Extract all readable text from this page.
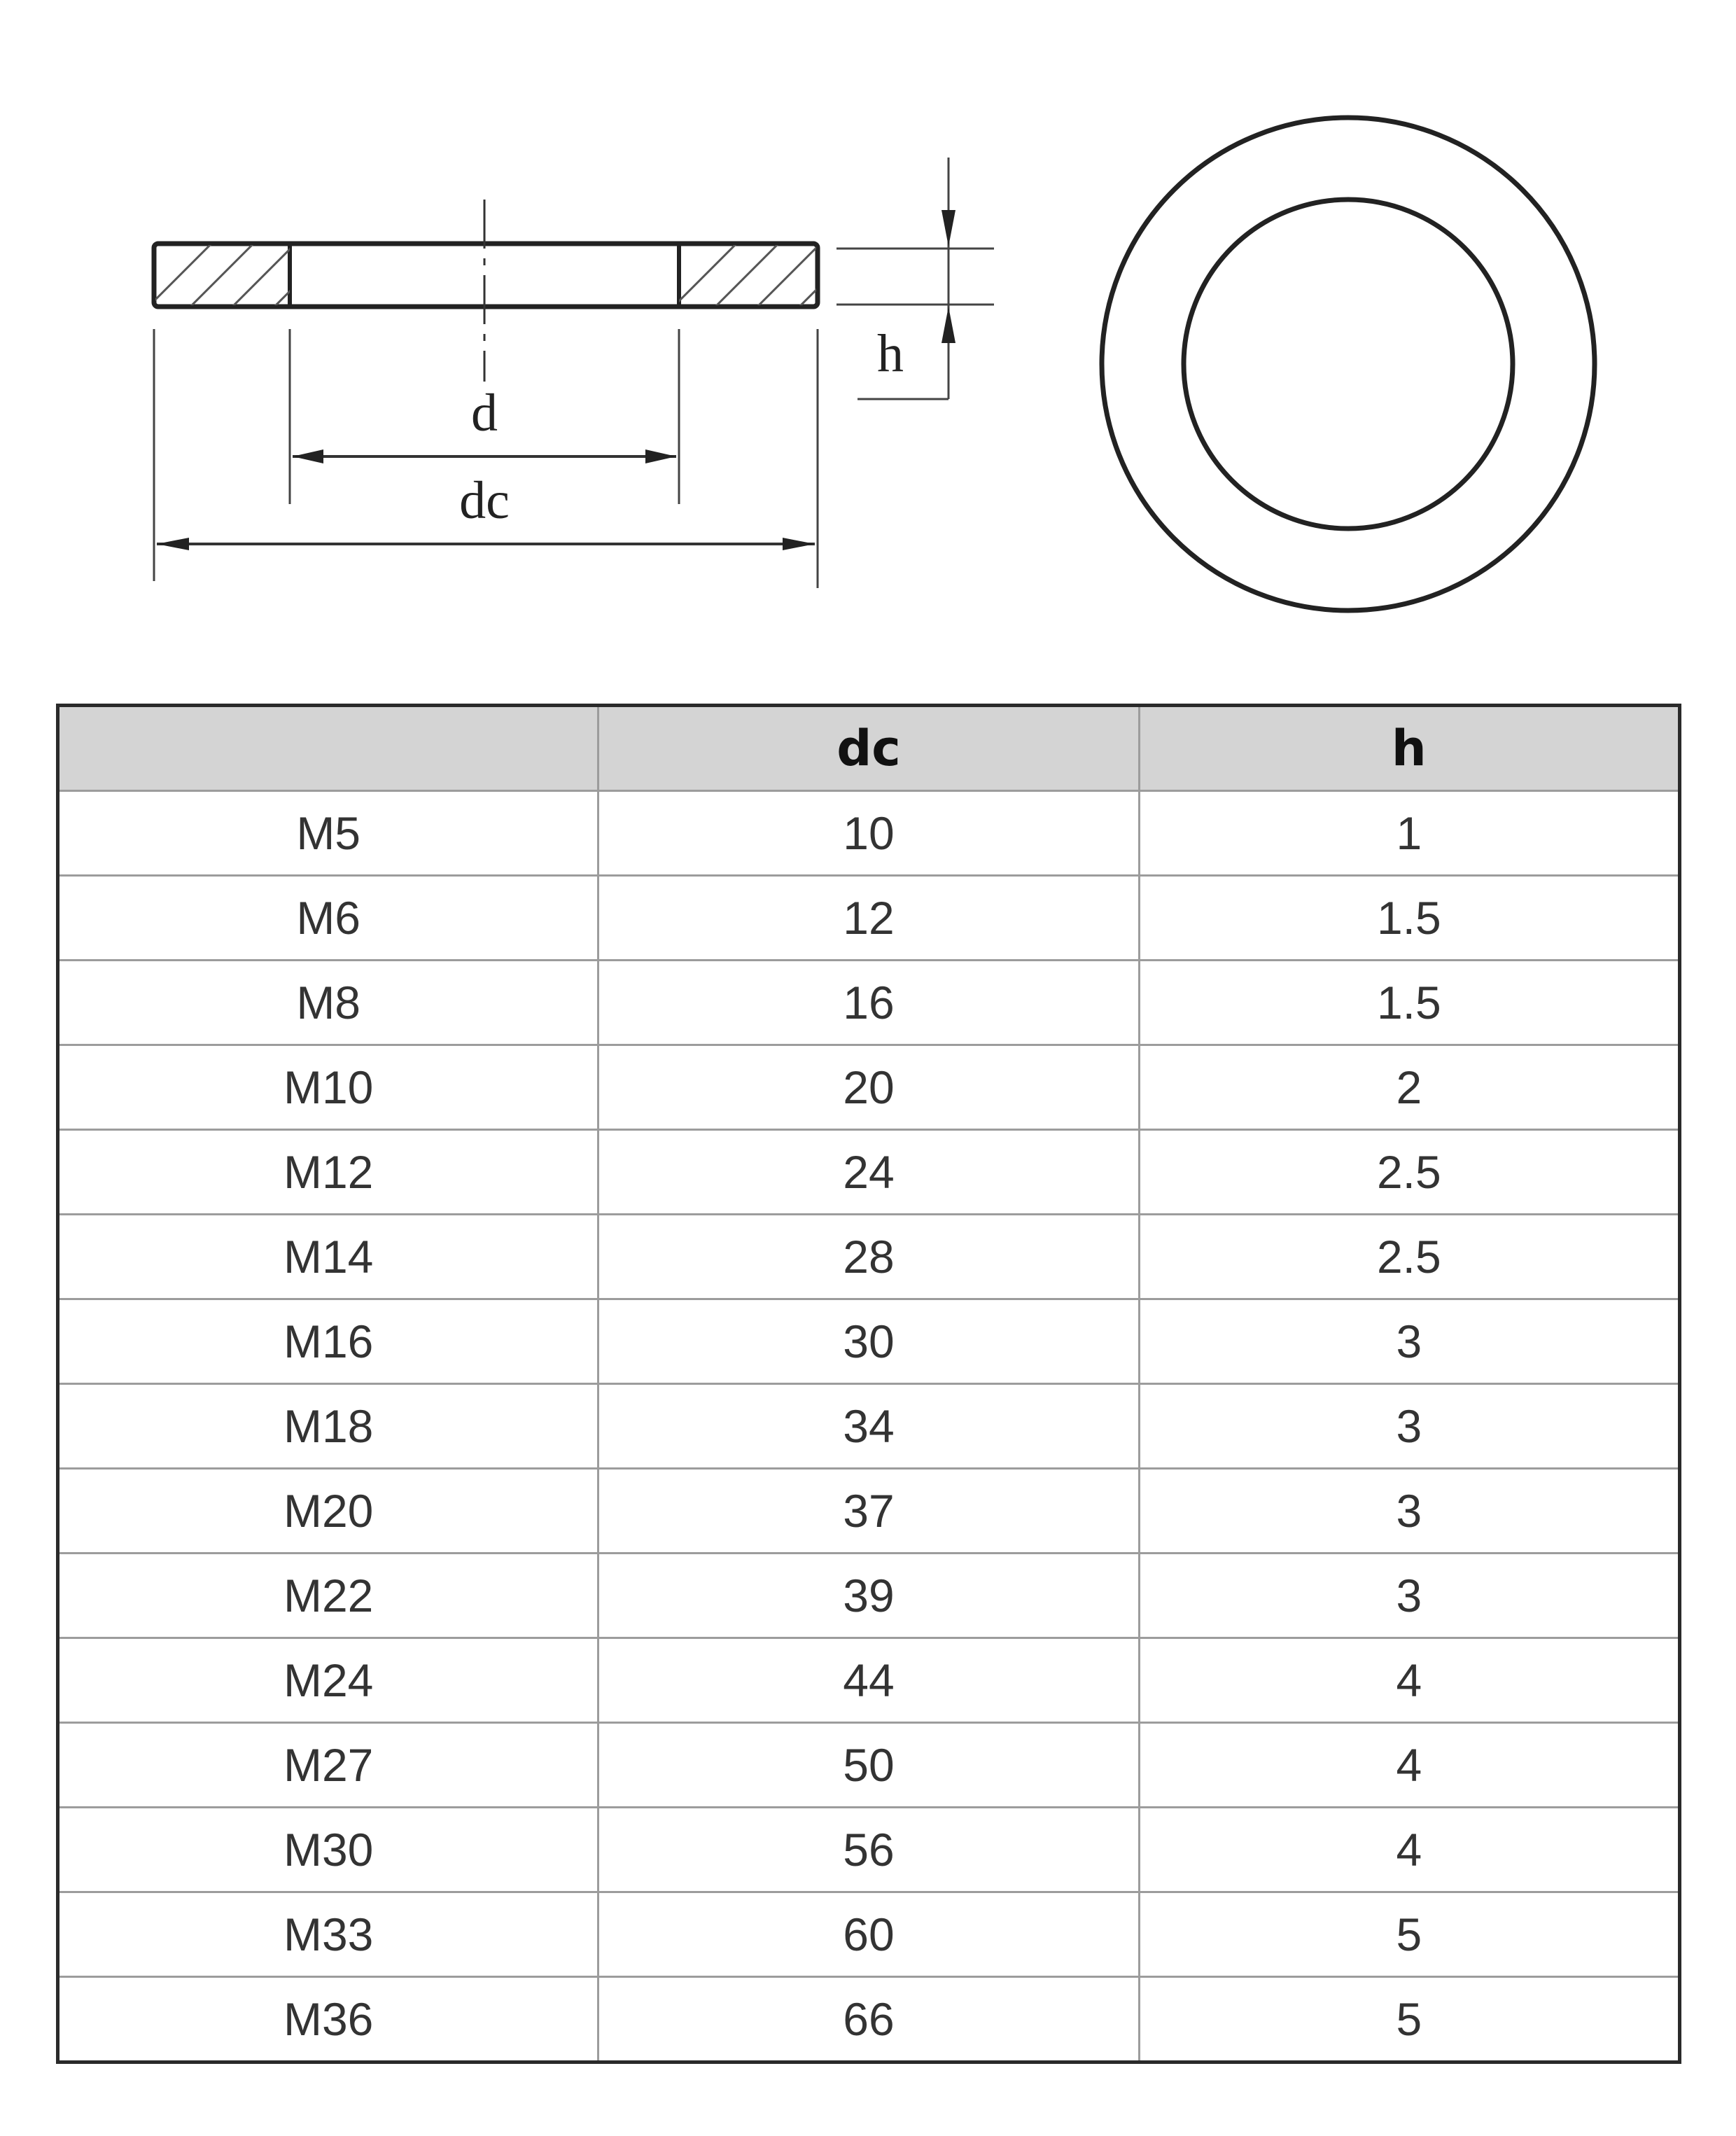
d
dc
h
	dc	h
M5	10	1
M6	12	1.5
M8	16	1.5
M10	20	2
M12	24	2.5
M14	28	2.5
M16	30	3
M18	34	3
M20	37	3
M22	39	3
M24	44	4
M27	50	4
M30	56	4
M33	60	5
M36	66	5
